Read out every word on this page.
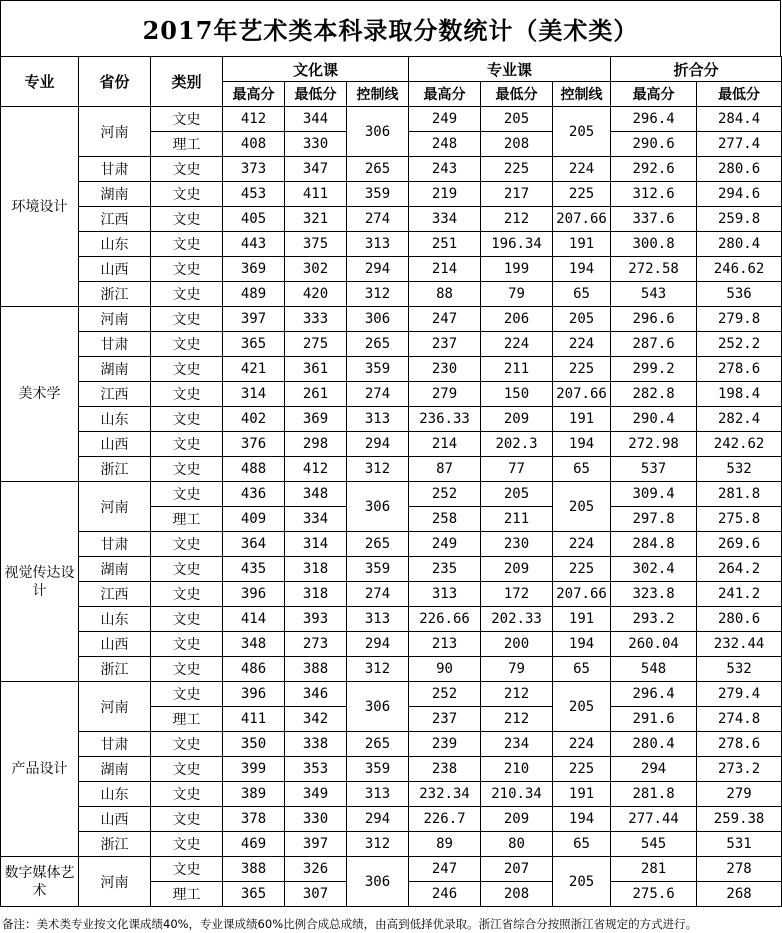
2017年艺术类本科录取分数统计（美术类）
专业	省份	类别	文化课			专业课			折合分	
			最高分	最低分	控制线	最高分	最低分	控制线	最高分	最低分
环境设计	河南	文史	412	344	306	249	205	205	296.4	284.4
		理工	408	330		248	208		290.6	277.4
	甘肃	文史	373	347	265	243	225	224	292.6	280.6
	湖南	文史	453	411	359	219	217	225	312.6	294.6
	江西	文史	405	321	274	334	212	207.66	337.6	259.8
	山东	文史	443	375	313	251	196.34	191	300.8	280.4
	山西	文史	369	302	294	214	199	194	272.58	246.62
	浙江	文史	489	420	312	88	79	65	543	536
美术学	河南	文史	397	333	306	247	206	205	296.6	279.8
	甘肃	文史	365	275	265	237	224	224	287.6	252.2
	湖南	文史	421	361	359	230	211	225	299.2	278.6
	江西	文史	314	261	274	279	150	207.66	282.8	198.4
	山东	文史	402	369	313	236.33	209	191	290.4	282.4
	山西	文史	376	298	294	214	202.3	194	272.98	242.62
	浙江	文史	488	412	312	87	77	65	537	532
视觉传达设计	河南	文史	436	348	306	252	205	205	309.4	281.8
		理工	409	334		258	211		297.8	275.8
	甘肃	文史	364	314	265	249	230	224	284.8	269.6
	湖南	文史	435	318	359	235	209	225	302.4	264.2
	江西	文史	396	318	274	313	172	207.66	323.8	241.2
	山东	文史	414	393	313	226.66	202.33	191	293.2	280.6
	山西	文史	348	273	294	213	200	194	260.04	232.44
	浙江	文史	486	388	312	90	79	65	548	532
产品设计	河南	文史	396	346	306	252	212	205	296.4	279.4
		理工	411	342		237	212		291.6	274.8
	甘肃	文史	350	338	265	239	234	224	280.4	278.6
	湖南	文史	399	353	359	238	210	225	294	273.2
	山东	文史	389	349	313	232.34	210.34	191	281.8	279
	山西	文史	378	330	294	226.7	209	194	277.44	259.38
	浙江	文史	469	397	312	89	80	65	545	531
数字媒体艺术	河南	文史	388	326	306	247	207	205	281	278
		理工	365	307		246	208		275.6	268
备注：美术类专业按文化课成绩40%，专业课成绩60%比例合成总成绩，由高到低择优录取。浙江省综合分按照浙江省规定的方式进行。
